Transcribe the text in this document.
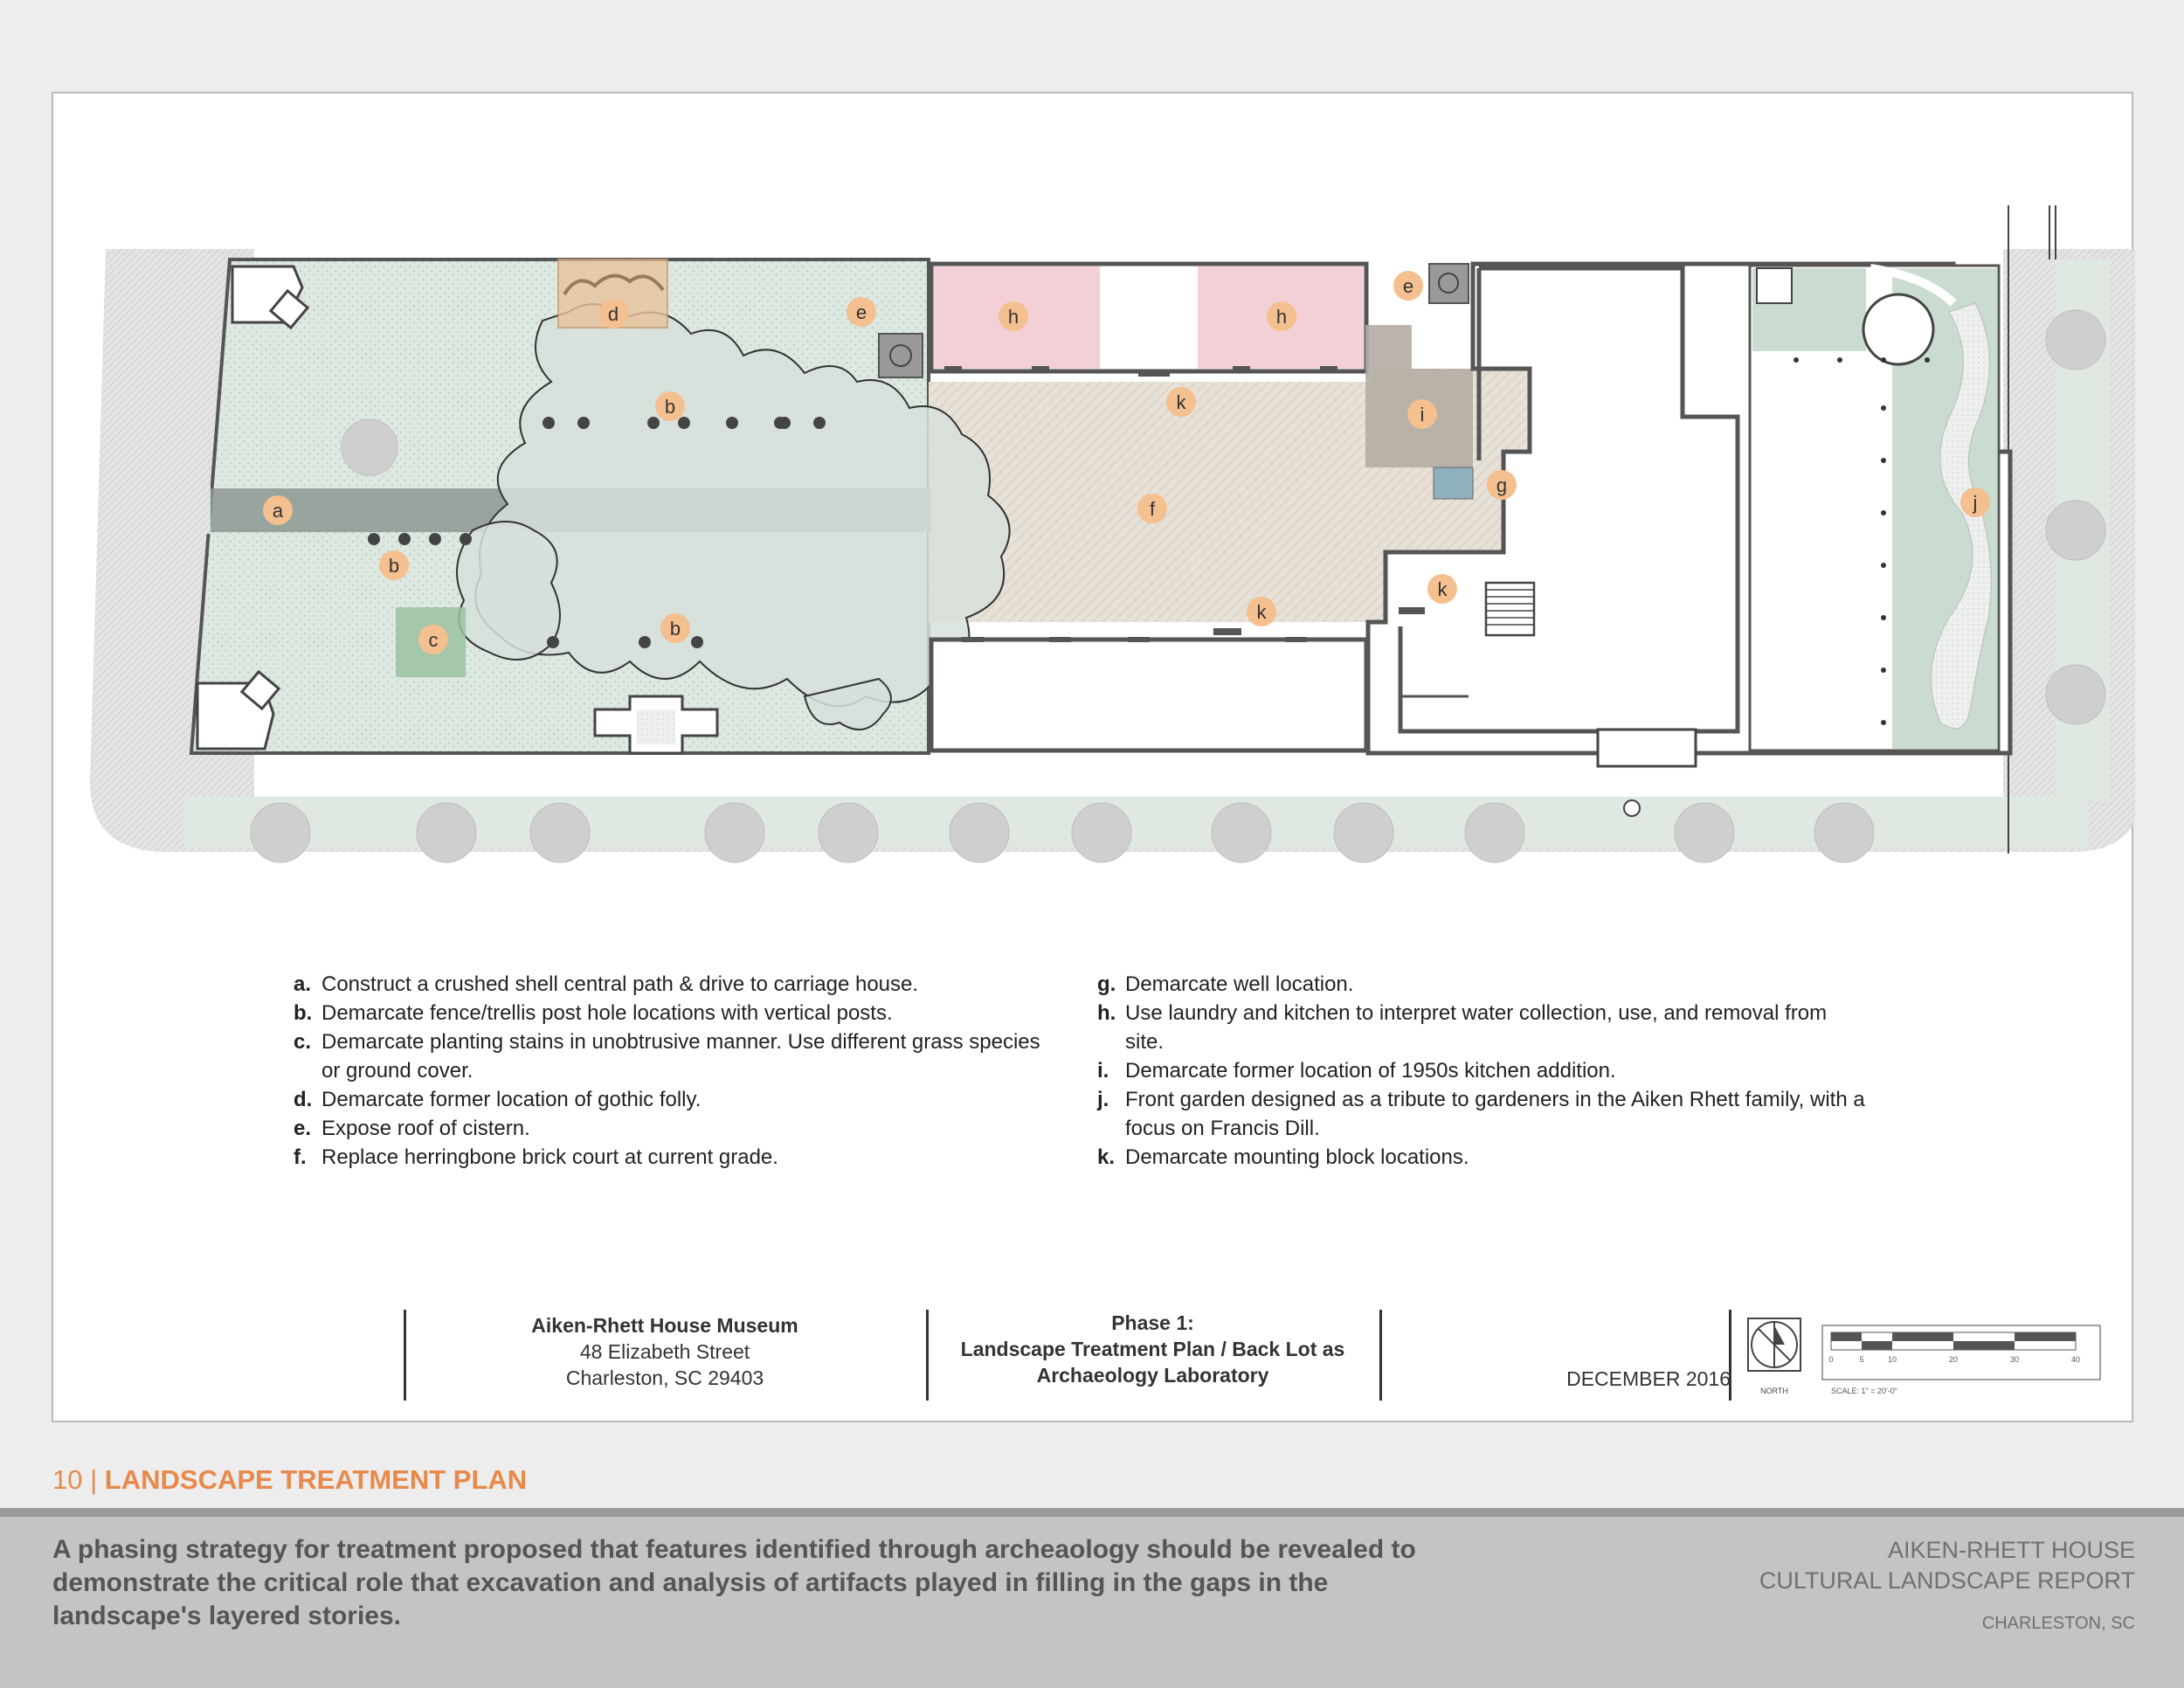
a
b
b
b
c
d	e
e
f
g
h	h
i
j
k
k
k
NORTH
0	5	10	20	30	40
SCALE: 1" = 20'-0"
a. Construct a crushed shell central path & drive to carriage house.
b. Demarcate fence/trellis post hole locations with vertical posts.
c. Demarcate planting stains in unobtrusive manner. Use different grass species or ground cover.
d. Demarcate former location of gothic folly.
e. Expose roof of cistern.
f. Replace herringbone brick court at current grade.
g. Demarcate well location.
h. Use laundry and kitchen to interpret water collection, use, and removal from site.
i. Demarcate former location of 1950s kitchen addition.
j. Front garden designed as a tribute to gardeners in the Aiken Rhett family, with a focus on Francis Dill.
k. Demarcate mounting block locations.
Aiken-Rhett House Museum
48 Elizabeth Street
Charleston, SC 29403
Phase 1:
Landscape Treatment Plan / Back Lot as
Archaeology Laboratory	DECEMBER 2016
10 | LANDSCAPE TREATMENT PLAN
A phasing strategy for treatment proposed that features identified through archeaology should be revealed to demonstrate the critical role that excavation and analysis of artifacts played in filling in the gaps in the landscape's layered stories.
AIKEN-RHETT HOUSE
CULTURAL LANDSCAPE REPORT
CHARLESTON, SC
